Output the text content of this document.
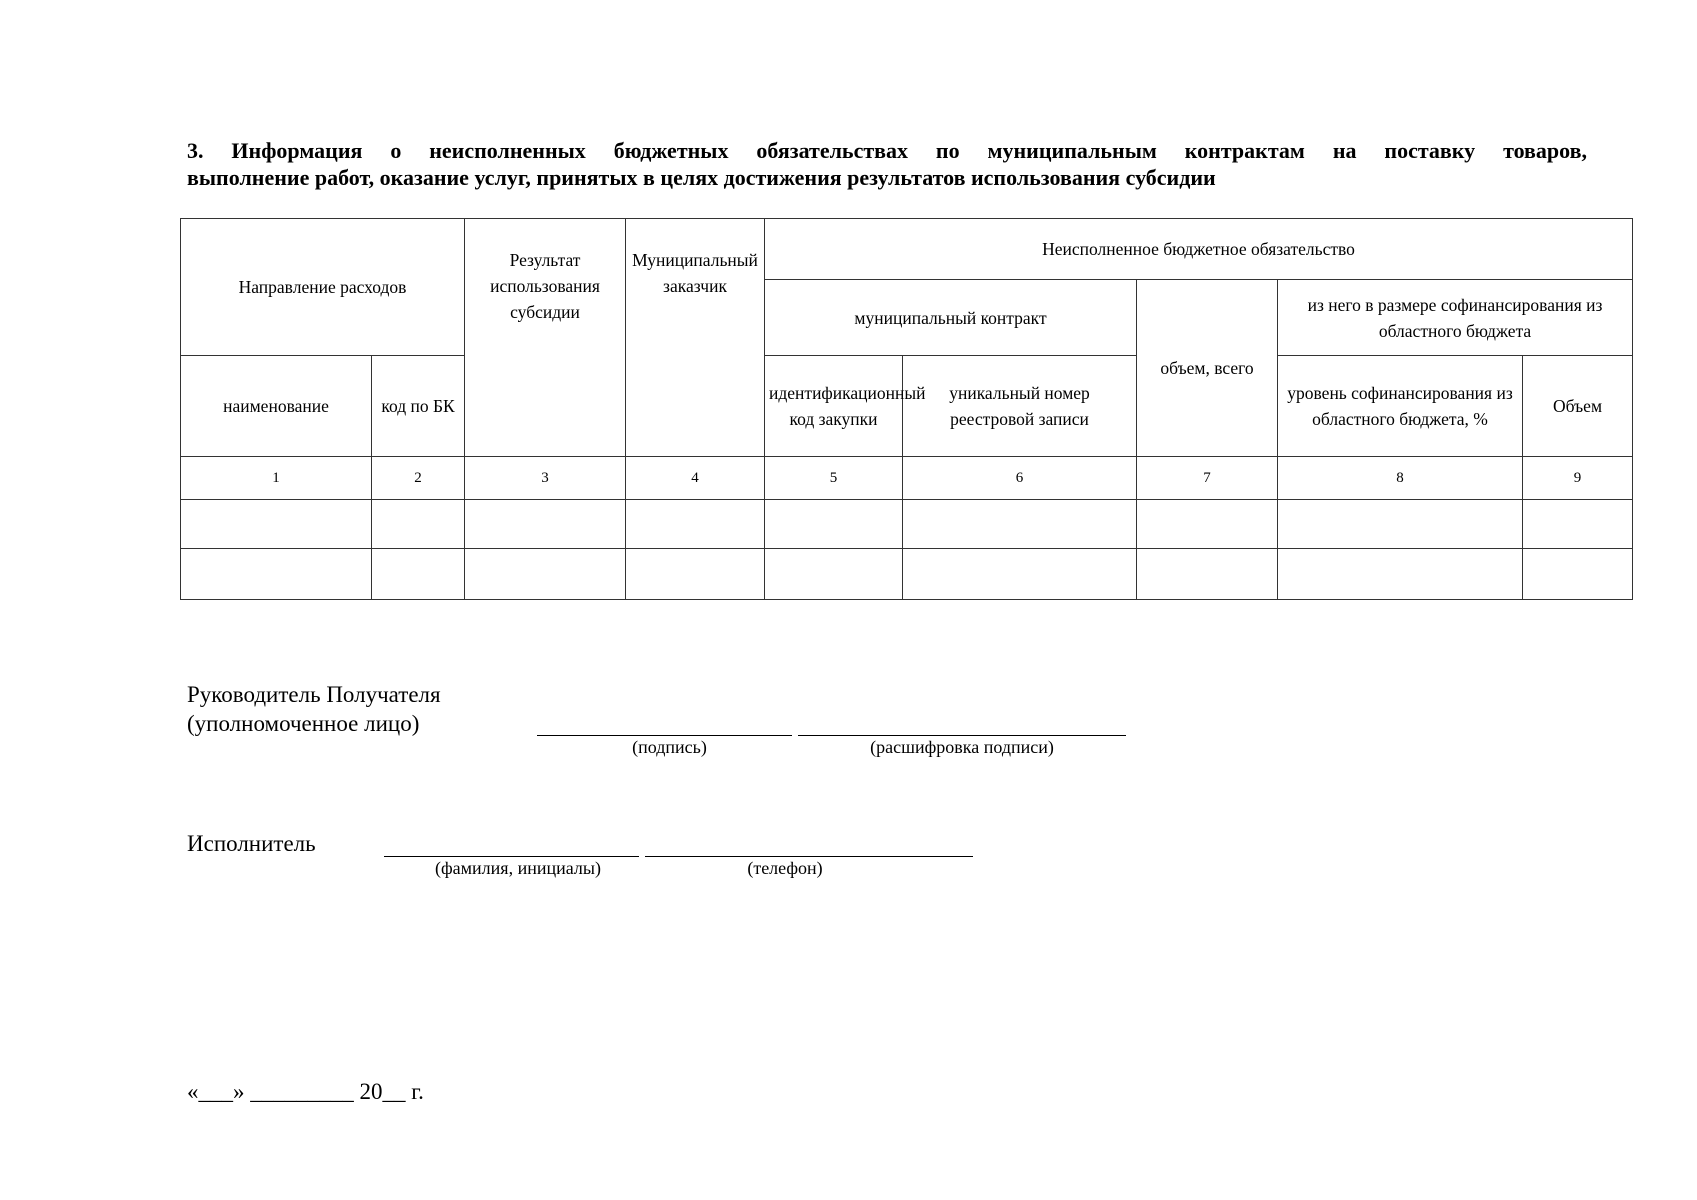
3. Информация о неисполненных бюджетных обязательствах по муниципальным контрактам на поставку товаров,
выполнение работ, оказание услуг, принятых в целях достижения результатов использования субсидии
Направление расходов		Результат использования субсидии	Муниципальный заказчик	Неисполненное бюджетное обязательство				
				муниципальный контракт		объем, всего	из него в размере софинансирования из областного бюджета	
наименование	код по БК			идентификационный код закупки	уникальный номер реестровой записи		уровень софинансирования из областного бюджета, %	Объем
1	2	3	4	5	6	7	8	9

Руководитель Получателя
(уполномоченное лицо)
(подпись)	(расшифровка подписи)
Исполнитель
(фамилия, инициалы)	(телефон)
«___» _________ 20__ г.
